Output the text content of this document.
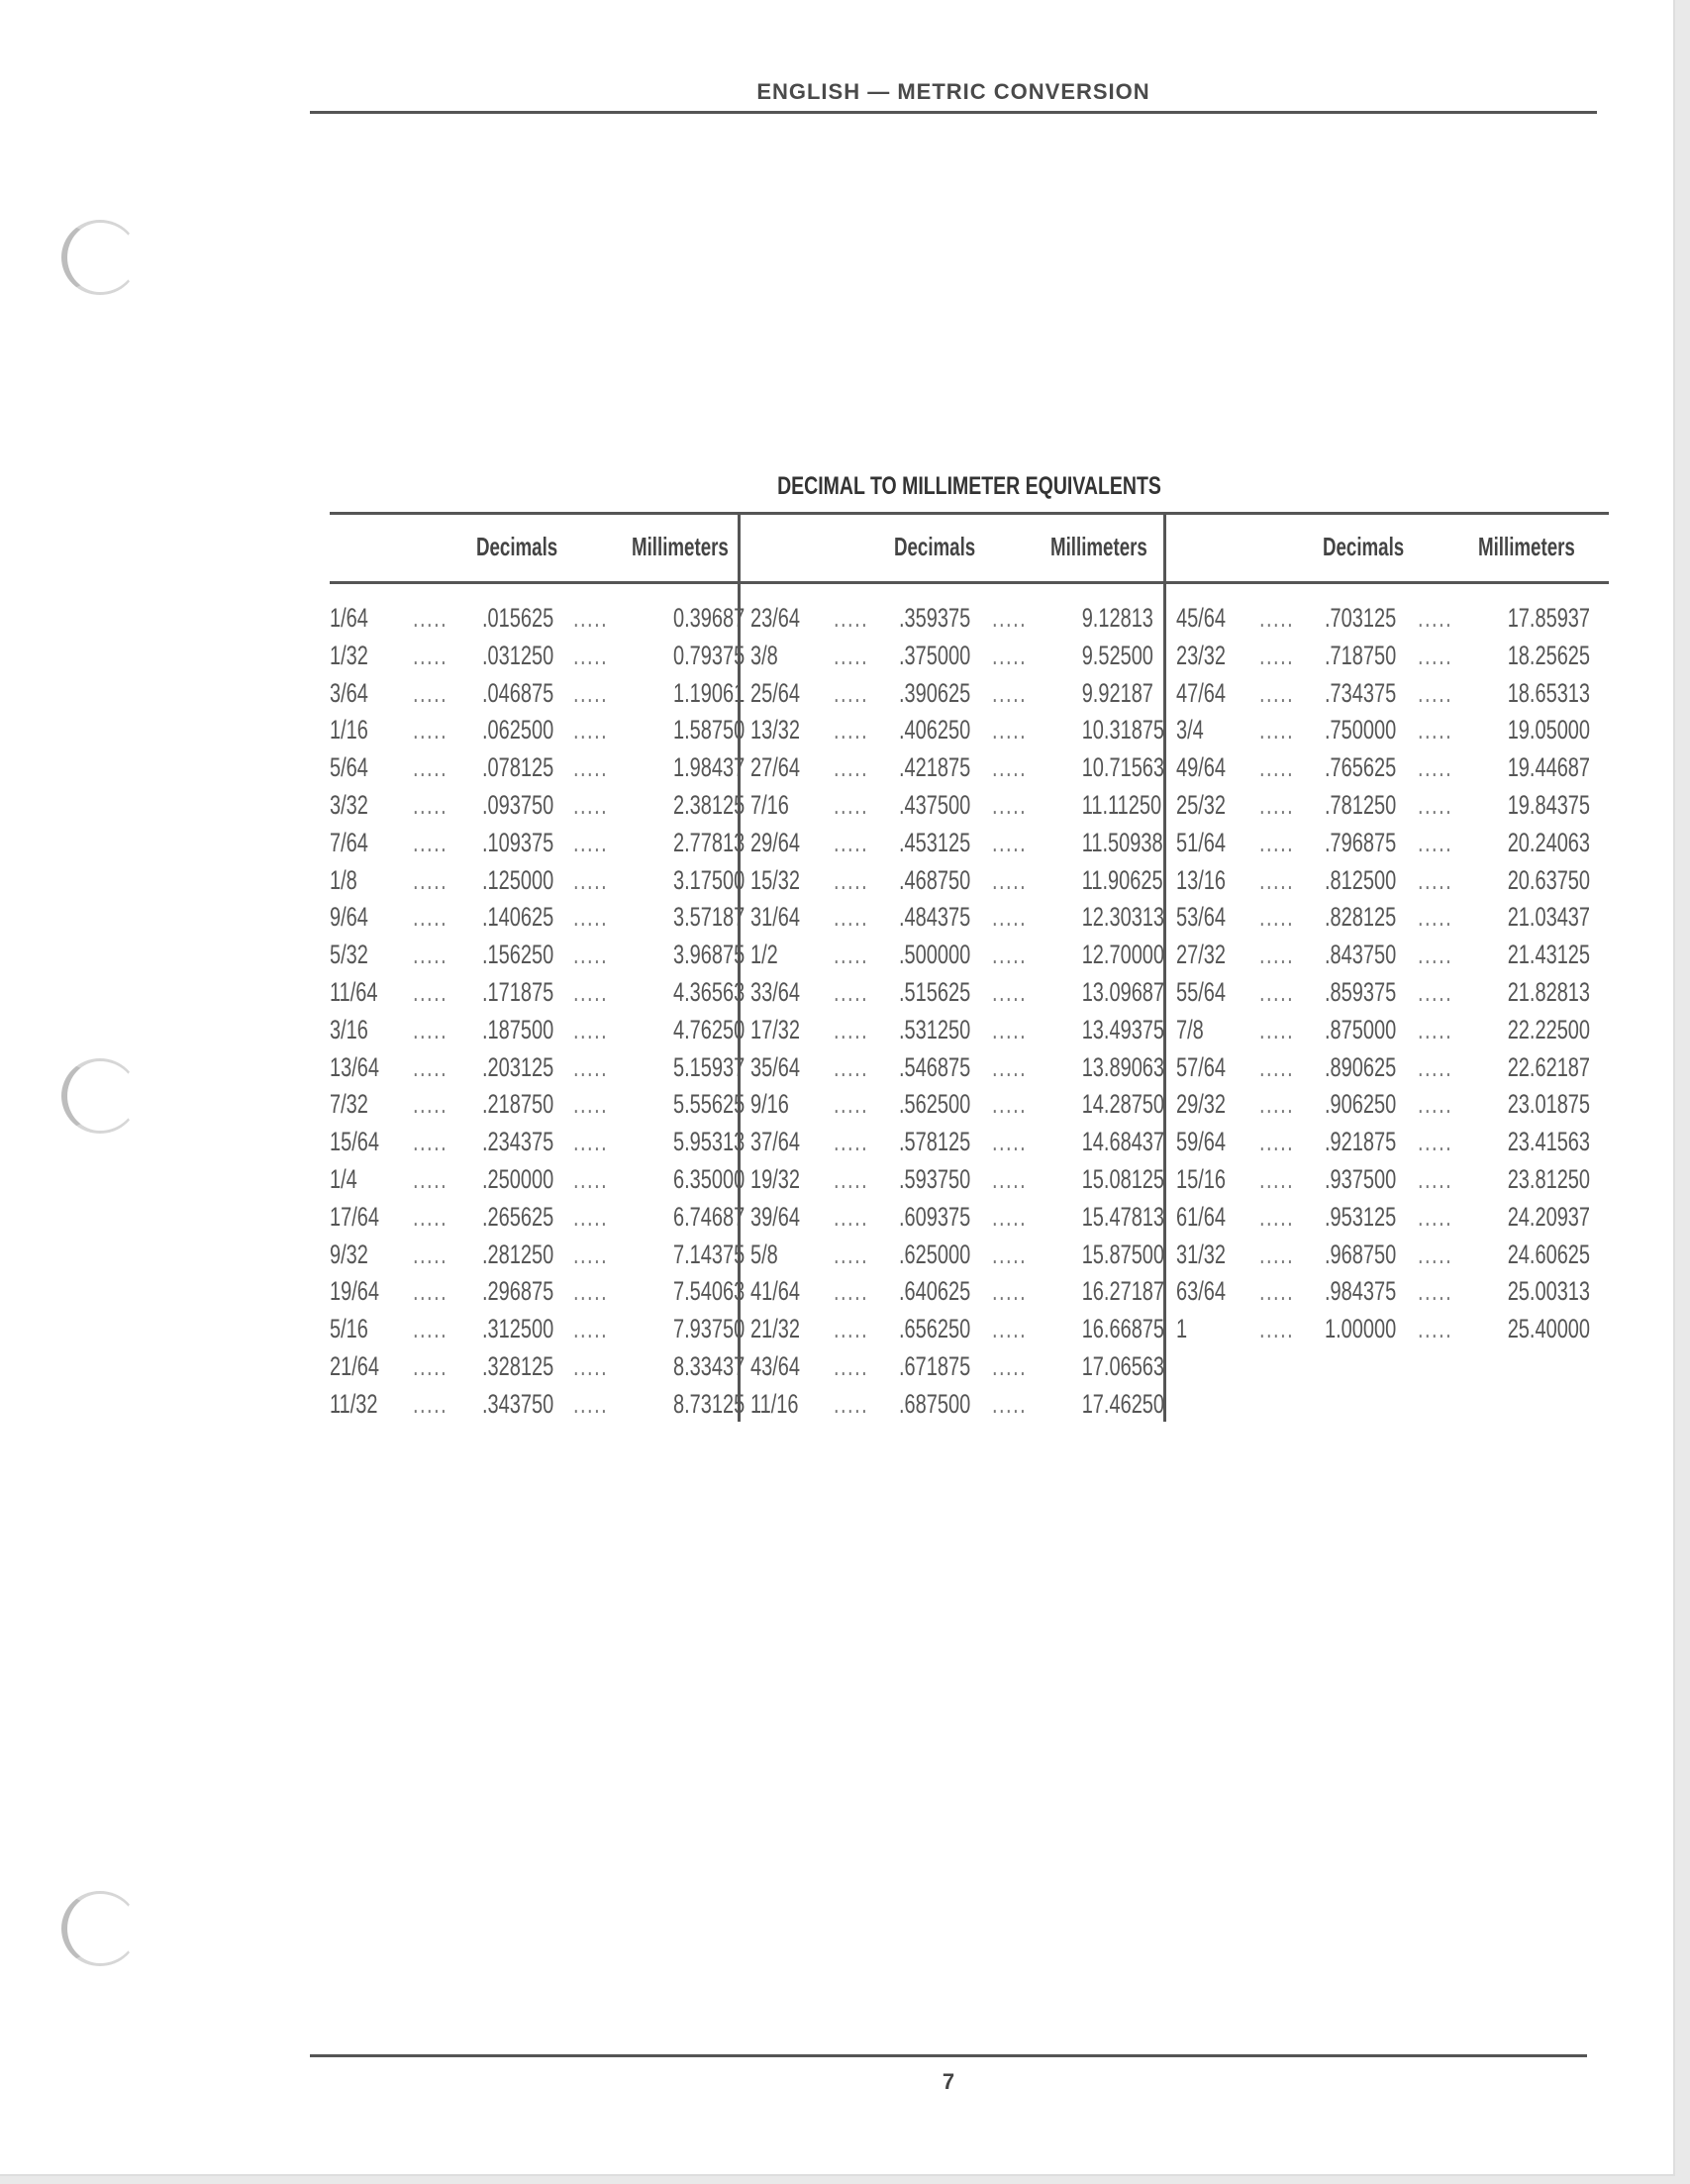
ENGLISH — METRIC CONVERSION
DECIMAL TO MILLIMETER EQUIVALENTS
Decimals	Millimeters
1/64 ..... .015625 ..... 0.39687
1/32 ..... .031250 ..... 0.79375
3/64 ..... .046875 ..... 1.19061
1/16 ..... .062500 ..... 1.58750
5/64 ..... .078125 ..... 1.98437
3/32 ..... .093750 ..... 2.38125
7/64 ..... .109375 ..... 2.77813
1/8 ..... .125000 ..... 3.17500
9/64 ..... .140625 ..... 3.57187
5/32 ..... .156250 ..... 3.96875
11/64 ..... .171875 ..... 4.36563
3/16 ..... .187500 ..... 4.76250
13/64 ..... .203125 ..... 5.15937
7/32 ..... .218750 ..... 5.55625
15/64 ..... .234375 ..... 5.95313
1/4 ..... .250000 ..... 6.35000
17/64 ..... .265625 ..... 6.74687
9/32 ..... .281250 ..... 7.14375
19/64 ..... .296875 ..... 7.54063
5/16 ..... .312500 ..... 7.93750
21/64 ..... .328125 ..... 8.33437
11/32 ..... .343750 ..... 8.73125
Decimals	Millimeters
23/64 ..... .359375 ..... 9.12813
3/8 ..... .375000 ..... 9.52500
25/64 ..... .390625 ..... 9.92187
13/32 ..... .406250 ..... 10.31875
27/64 ..... .421875 ..... 10.71563
7/16 ..... .437500 ..... 11.11250
29/64 ..... .453125 ..... 11.50938
15/32 ..... .468750 ..... 11.90625
31/64 ..... .484375 ..... 12.30313
1/2 ..... .500000 ..... 12.70000
33/64 ..... .515625 ..... 13.09687
17/32 ..... .531250 ..... 13.49375
35/64 ..... .546875 ..... 13.89063
9/16 ..... .562500 ..... 14.28750
37/64 ..... .578125 ..... 14.68437
19/32 ..... .593750 ..... 15.08125
39/64 ..... .609375 ..... 15.47813
5/8 ..... .625000 ..... 15.87500
41/64 ..... .640625 ..... 16.27187
21/32 ..... .656250 ..... 16.66875
43/64 ..... .671875 ..... 17.06563
11/16 ..... .687500 ..... 17.46250
Decimals	Millimeters
45/64 ..... .703125 ..... 17.85937
23/32 ..... .718750 ..... 18.25625
47/64 ..... .734375 ..... 18.65313
3/4 ..... .750000 ..... 19.05000
49/64 ..... .765625 ..... 19.44687
25/32 ..... .781250 ..... 19.84375
51/64 ..... .796875 ..... 20.24063
13/16 ..... .812500 ..... 20.63750
53/64 ..... .828125 ..... 21.03437
27/32 ..... .843750 ..... 21.43125
55/64 ..... .859375 ..... 21.82813
7/8 ..... .875000 ..... 22.22500
57/64 ..... .890625 ..... 22.62187
29/32 ..... .906250 ..... 23.01875
59/64 ..... .921875 ..... 23.41563
15/16 ..... .937500 ..... 23.81250
61/64 ..... .953125 ..... 24.20937
31/32 ..... .968750 ..... 24.60625
63/64 ..... .984375 ..... 25.00313
1	..... 1.00000 ..... 25.40000
7
